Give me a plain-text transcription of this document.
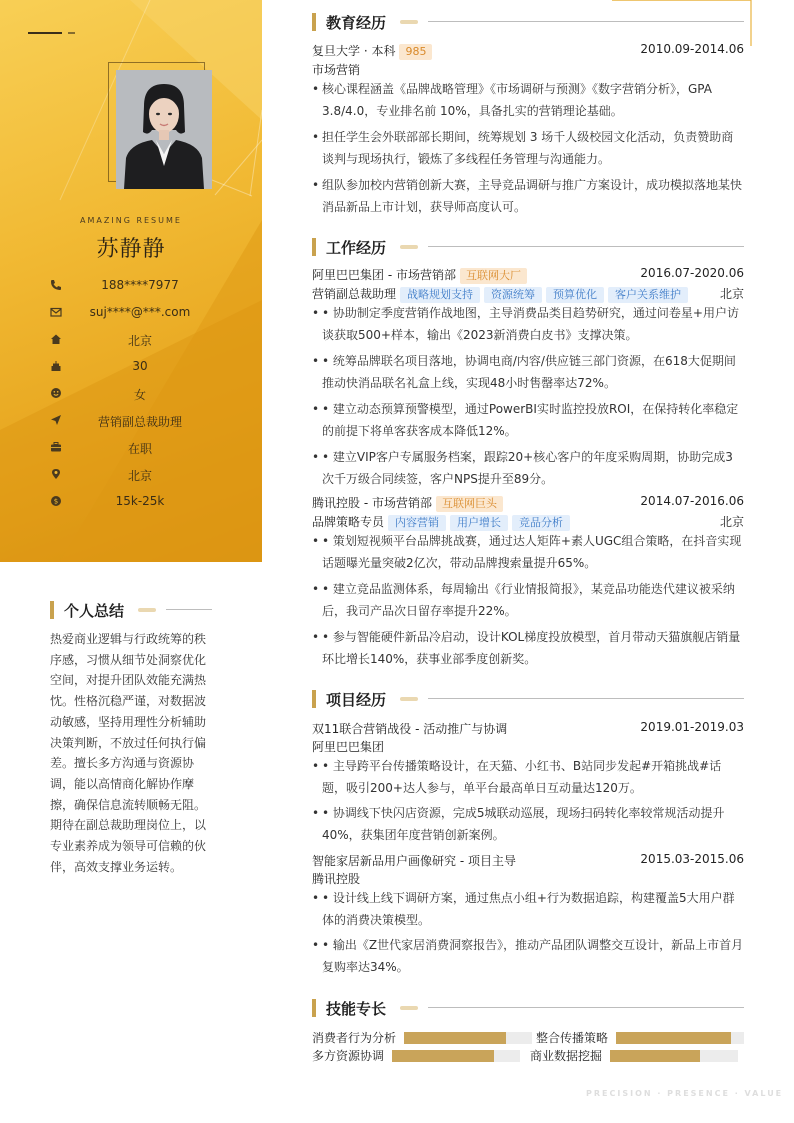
AMAZING RESUME
苏静静
188****7977
suj****@***.com
北京
30
女
营销副总裁助理
在职
北京
$	15k-25k
个人总结
热爱商业逻辑与行政统筹的秩序感，习惯从细节处洞察优化空间，对提升团队效能充满热忱。性格沉稳严谨，对数据波动敏感，坚持用理性分析辅助决策判断，不放过任何执行偏差。擅长多方沟通与资源协调，能以高情商化解协作摩擦，确保信息流转顺畅无阻。期待在副总裁助理岗位上，以专业素养成为领导可信赖的伙伴，高效支撑业务运转。
教育经历
复旦大学 · 本科 985	2010.09-2014.06
市场营销
• 核心课程涵盖《品牌战略管理》《市场调研与预测》《数字营销分析》，GPA 3.8/4.0，专业排名前 10%，具备扎实的营销理论基础。
• 担任学生会外联部部长期间，统筹规划 3 场千人级校园文化活动，负责赞助商谈判与现场执行，锻炼了多线程任务管理与沟通能力。
• 组队参加校内营销创新大赛，主导竞品调研与推广方案设计，成功模拟落地某快消品新品上市计划，获导师高度认可。
工作经历
阿里巴巴集团 - 市场营销部 互联网大厂	2016.07-2020.06
营销副总裁助理 战略规划支持 资源统筹 预算优化 客户关系维护	北京
• • 协助制定季度营销作战地图，主导消费品类目趋势研究，通过问卷星+用户访谈获取500+样本，输出《2023新消费白皮书》支撑决策。
• • 统筹品牌联名项目落地，协调电商/内容/供应链三部门资源，在618大促期间推动快消品联名礼盒上线，实现48小时售罄率达72%。
• • 建立动态预算预警模型，通过PowerBI实时监控投放ROI，在保持转化率稳定的前提下将单客获客成本降低12%。
• • 建立VIP客户专属服务档案，跟踪20+核心客户的年度采购周期，协助完成3次千万级合同续签，客户NPS提升至89分。
腾讯控股 - 市场营销部 互联网巨头	2014.07-2016.06
品牌策略专员 内容营销 用户增长 竞品分析	北京
• • 策划短视频平台品牌挑战赛，通过达人矩阵+素人UGC组合策略，在抖音实现话题曝光量突破2亿次，带动品牌搜索量提升65%。
• • 建立竞品监测体系，每周输出《行业情报简报》，某竞品功能迭代建议被采纳后，我司产品次日留存率提升22%。
• • 参与智能硬件新品冷启动，设计KOL梯度投放模型，首月带动天猫旗舰店销量环比增长140%，获事业部季度创新奖。
项目经历
双11联合营销战役 - 活动推广与协调	2019.01-2019.03
阿里巴巴集团
• • 主导跨平台传播策略设计，在天猫、小红书、B站同步发起#开箱挑战#话题，吸引200+达人参与，单平台最高单日互动量达120万。
• • 协调线下快闪店资源，完成5城联动巡展，现场扫码转化率较常规活动提升40%，获集团年度营销创新案例。
智能家居新品用户画像研究 - 项目主导	2015.03-2015.06
腾讯控股
• • 设计线上线下调研方案，通过焦点小组+行为数据追踪，构建覆盖5大用户群体的消费决策模型。
• • 输出《Z世代家居消费洞察报告》，推动产品团队调整交互设计，新品上市首月复购率达34%。
技能专长
消费者行为分析	整合传播策略
多方资源协调	商业数据挖掘
PRECISION · PRESENCE · VALUE
